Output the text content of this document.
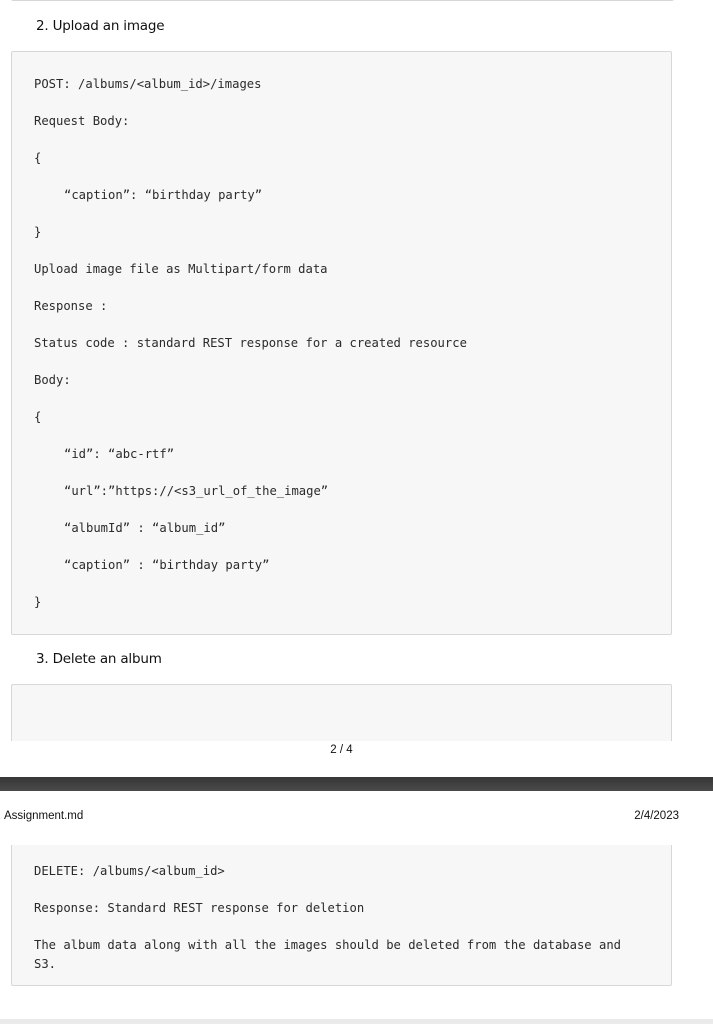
2. Upload an image
POST: /albums/<album_id>/images
Request Body:
{
“caption”: “birthday party”
}
Upload image file as Multipart/form data
Response :
Status code : standard REST response for a created resource
Body:
{
“id”: “abc-rtf”
“url”:”https://<s3_url_of_the_image”
“albumId” : “album_id”
“caption” : “birthday party”
}
3. Delete an album
2 / 4
Assignment.md	2/4/2023
DELETE: /albums/<album_id>
Response: Standard REST response for deletion
The album data along with all the images should be deleted from the database and
S3.
